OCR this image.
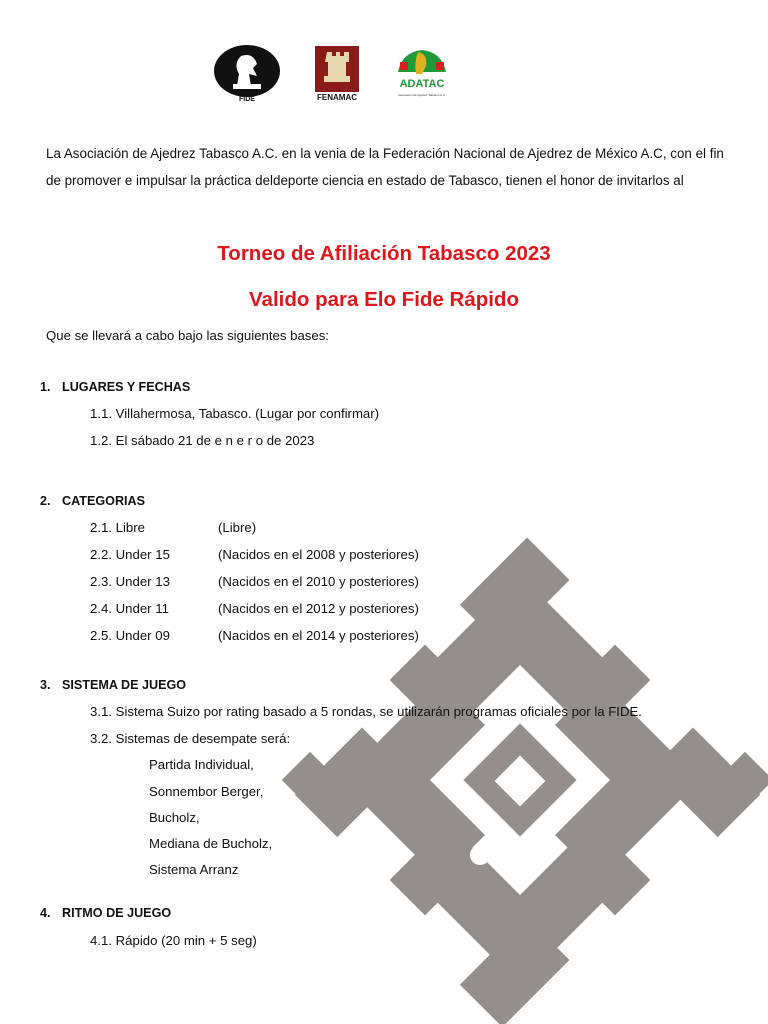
FIDE	FENAMAC
ADATAC
Asociación de Ajedrez Tabasco A.C.
La Asociación de Ajedrez Tabasco A.C. en la venia de la Federación Nacional de Ajedrez de México A.C, con el fin de promover e impulsar la práctica deldeporte ciencia en estado de Tabasco, tienen el honor de invitarlos al
Torneo de Afiliación Tabasco 2023
Valido para Elo Fide Rápido
Que se llevará a cabo bajo las siguientes bases:
1. LUGARES Y FECHAS
1.1. Villahermosa, Tabasco. (Lugar por confirmar)
1.2. El sábado 21 de e n e r o de 2023
2. CATEGORIAS
2.1. Libre	(Libre)
2.2. Under 15	(Nacidos en el 2008 y posteriores)
2.3. Under 13	(Nacidos en el 2010 y posteriores)
2.4. Under 11	(Nacidos en el 2012 y posteriores)
2.5. Under 09	(Nacidos en el 2014 y posteriores)
3. SISTEMA DE JUEGO
3.1. Sistema Suizo por rating basado a 5 rondas, se utilizarán programas oficiales por la FIDE.
3.2. Sistemas de desempate será:
Partida Individual,
Sonnembor Berger,
Bucholz,
Mediana de Bucholz,
Sistema Arranz
4. RITMO DE JUEGO
4.1. Rápido (20 min + 5 seg)
